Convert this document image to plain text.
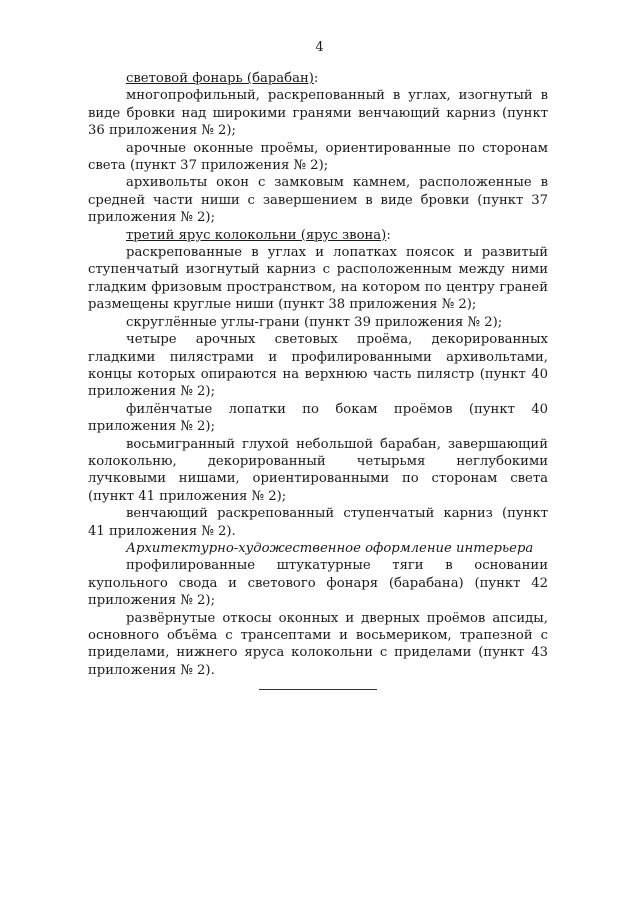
4

световой фонарь (барабан):

многопрофильный, раскрепованный в углах, изогнутый в виде бровки над широкими гранями венчающий карниз (пункт 36 приложения № 2);

арочные оконные проёмы, ориентированные по сторонам света (пункт 37 приложения № 2);

архивольты окон с замковым камнем, расположенные в средней части ниши с завершением в виде бровки (пункт 37 приложения № 2);

третий ярус колокольни (ярус звона):

раскрепованные в углах и лопатках поясок и развитый ступенчатый изогнутый карниз с расположенным между ними гладким фризовым пространством, на котором по центру граней размещены круглые ниши (пункт 38 приложения № 2);

скруглённые углы-грани (пункт 39 приложения № 2);

четыре арочных световых проёма, декорированных гладкими пилястрами и профилированными архивольтами, концы которых опираются на верхнюю часть пилястр (пункт 40 приложения № 2);

филёнчатые лопатки по бокам проёмов (пункт 40 приложения № 2);

восьмигранный глухой небольшой барабан, завершающий колокольню, декорированный четырьмя неглубокими лучковыми нишами, ориентированными по сторонам света (пункт 41 приложения № 2);

венчающий раскрепованный ступенчатый карниз (пункт 41 приложения № 2).

Архитектурно-художественное оформление интерьера

профилированные штукатурные тяги в основании купольного свода и светового фонаря (барабана) (пункт 42 приложения № 2);

развёрнутые откосы оконных и дверных проёмов апсиды, основного объёма с трансептами и восьмериком, трапезной с приделами, нижнего яруса колокольни с приделами (пункт 43 приложения № 2).
